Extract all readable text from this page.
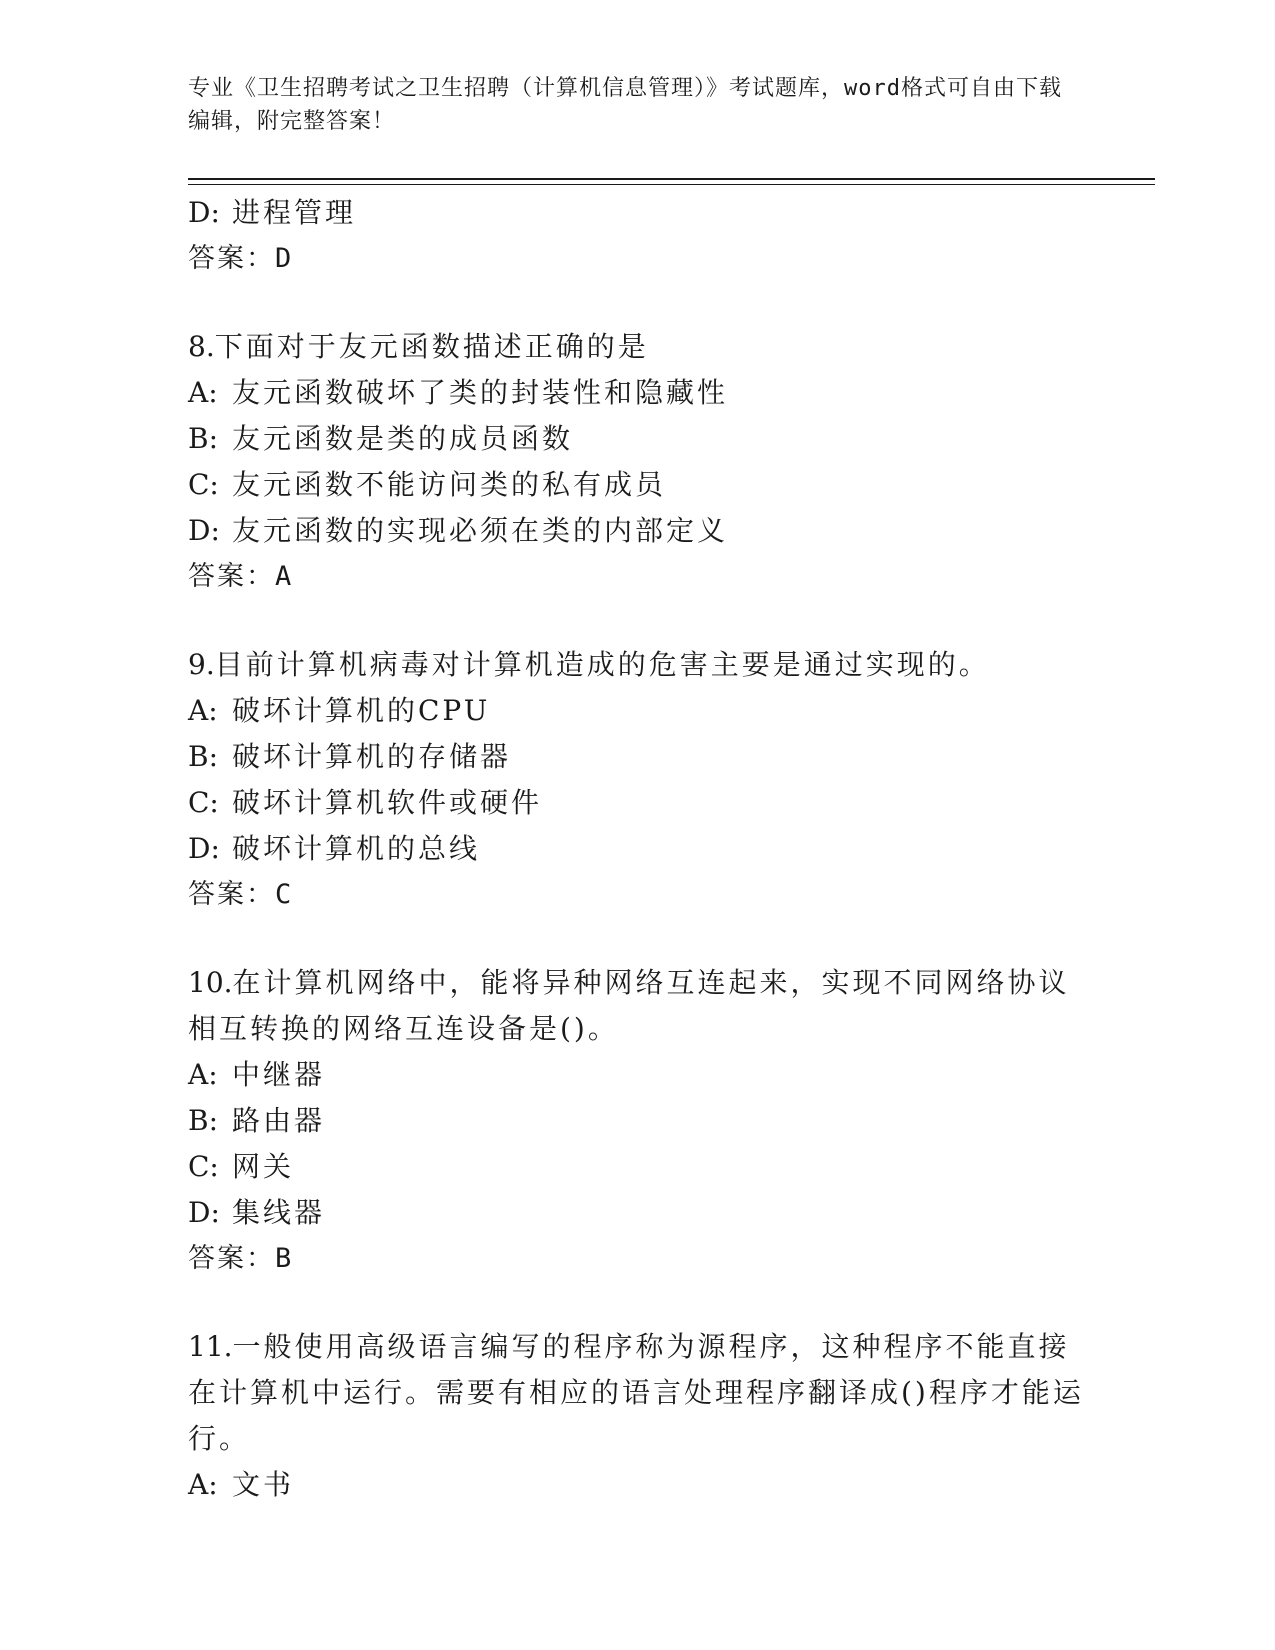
专业《卫生招聘考试之卫生招聘（计算机信息管理）》考试题库，word格式可自由下载编辑，附完整答案！
D: 进程管理
答案：D
8.下面对于友元函数描述正确的是
A: 友元函数破坏了类的封装性和隐藏性
B: 友元函数是类的成员函数
C: 友元函数不能访问类的私有成员
D: 友元函数的实现必须在类的内部定义
答案：A
9.目前计算机病毒对计算机造成的危害主要是通过实现的。
A: 破坏计算机的CPU
B: 破坏计算机的存储器
C: 破坏计算机软件或硬件
D: 破坏计算机的总线
答案：C
10.在计算机网络中，能将异种网络互连起来，实现不同网络协议相互转换的网络互连设备是()。
A: 中继器
B: 路由器
C: 网关
D: 集线器
答案：B
11.一般使用高级语言编写的程序称为源程序，这种程序不能直接在计算机中运行。需要有相应的语言处理程序翻译成()程序才能运行。
A: 文书
